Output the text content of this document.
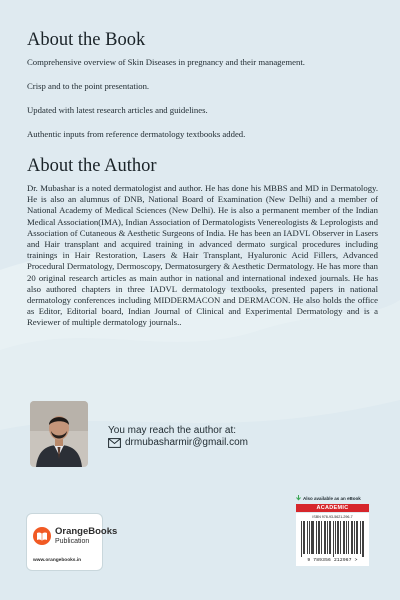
About the Book

Comprehensive overview of Skin Diseases in pregnancy and their management.

Crisp and to the point presentation.

Updated with latest research articles and guidelines.

Authentic inputs from reference dermatology textbooks added.

About the Author

Dr. Mubashar is a noted dermatologist and author. He has done his MBBS and MD in Dermatology. He is also an alumnus of DNB, National Board of Examination (New Delhi) and a member of National Academy of Medical Sciences (New Delhi). He is also a permanent member of the Indian Medical Association(IMA), Indian Association of Dermatologists Venereologists & Leprologists and Association of Cutaneous & Aesthetic Surgeons of India. He has been an IADVL Observer in Lasers and Hair transplant and acquired training in advanced dermato surgical procedures including trainings in Hair Restoration, Lasers & Hair Transplant, Hyaluronic Acid Fillers, Advanced Procedural Dermatology, Dermoscopy, Dermatosurgery & Aesthetic Dermatology. He has more than 20 original research articles as main author in national and international indexed journals. He has also authored chapters in three IADVL dermatology textbooks, presented papers in national dermatology conferences including MIDDERMACON and DERMACON. He also holds the office as Editor, Editorial board, Indian Journal of Clinical and Experimental Dermatology and is a Reviewer of multiple dermatology journals..

You may reach the author at:
drmubasharmir@gmail.com
OrangeBooks
Publication
www.orangebooks.in
Also available as an eBook
ACADEMIC
ISBN 978-93-5621-296-7
9 789356 212967 >
